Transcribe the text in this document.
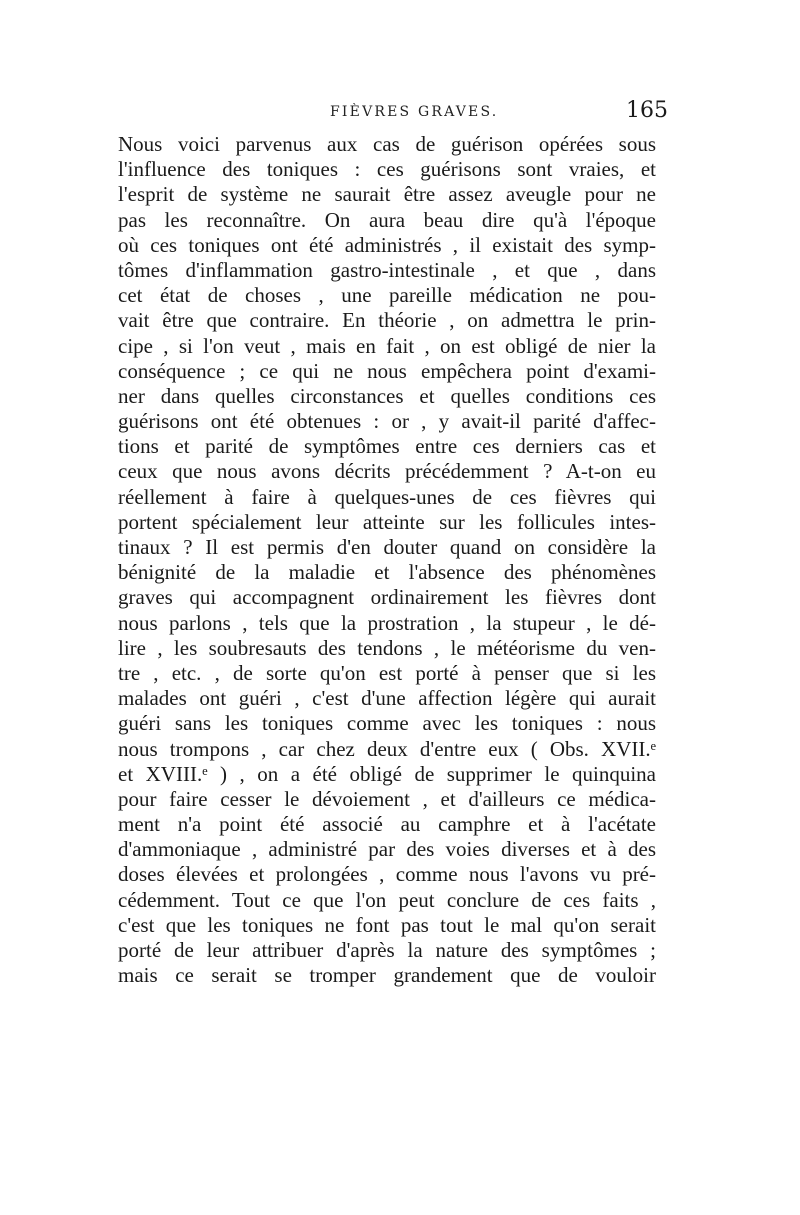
FIÈVRES GRAVES.	165
Nous voici parvenus aux cas de guérison opérées sous
l'influence des toniques : ces guérisons sont vraies, et
l'esprit de système ne saurait être assez aveugle pour ne
pas les reconnaître. On aura beau dire qu'à l'époque
où ces toniques ont été administrés , il existait des symp-
tômes d'inflammation gastro-intestinale , et que , dans
cet état de choses , une pareille médication ne pou-
vait être que contraire. En théorie , on admettra le prin-
cipe , si l'on veut , mais en fait , on est obligé de nier la
conséquence ; ce qui ne nous empêchera point d'exami-
ner dans quelles circonstances et quelles conditions ces
guérisons ont été obtenues : or , y avait-il parité d'affec-
tions et parité de symptômes entre ces derniers cas et
ceux que nous avons décrits précédemment ? A-t-on eu
réellement à faire à quelques-unes de ces fièvres qui
portent spécialement leur atteinte sur les follicules intes-
tinaux ? Il est permis d'en douter quand on considère la
bénignité de la maladie et l'absence des phénomènes
graves qui accompagnent ordinairement les fièvres dont
nous parlons , tels que la prostration , la stupeur , le dé-
lire , les soubresauts des tendons , le météorisme du ven-
tre , etc. , de sorte qu'on est porté à penser que si les
malades ont guéri , c'est d'une affection légère qui aurait
guéri sans les toniques comme avec les toniques : nous
nous trompons , car chez deux d'entre eux ( Obs. XVII.ᵉ
et XVIII.ᵉ ) , on a été obligé de supprimer le quinquina
pour faire cesser le dévoiement , et d'ailleurs ce médica-
ment n'a point été associé au camphre et à l'acétate
d'ammoniaque , administré par des voies diverses et à des
doses élevées et prolongées , comme nous l'avons vu pré-
cédemment. Tout ce que l'on peut conclure de ces faits ,
c'est que les toniques ne font pas tout le mal qu'on serait
porté de leur attribuer d'après la nature des symptômes ;
mais ce serait se tromper grandement que de vouloir
